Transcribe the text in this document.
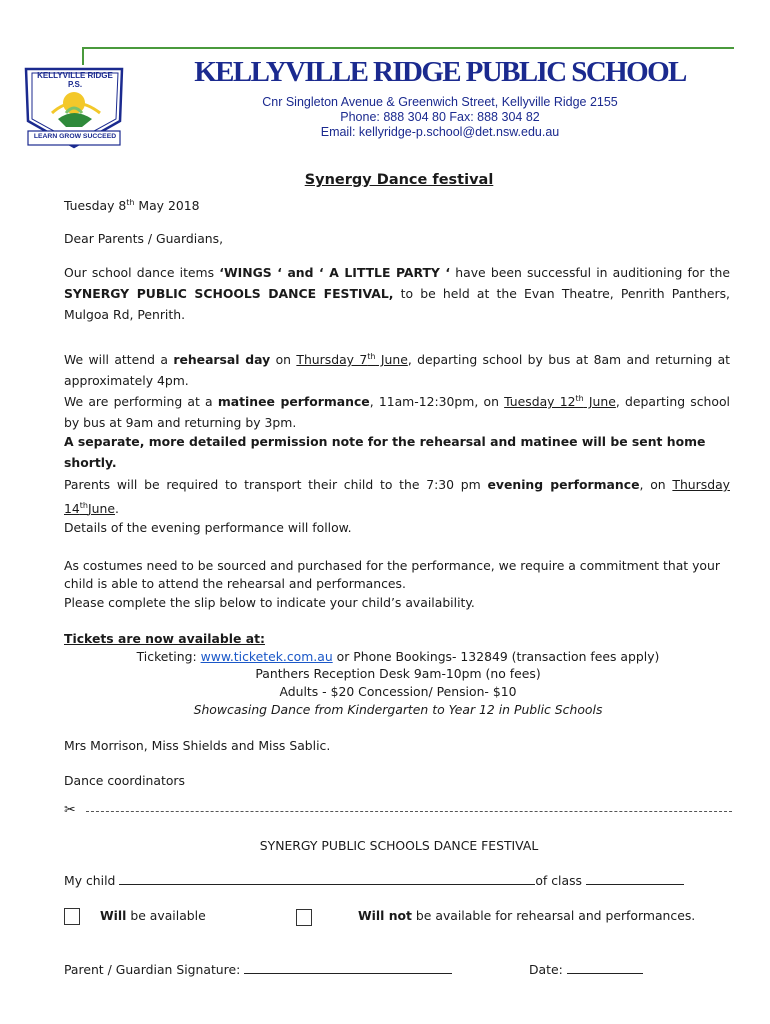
KELLYVILLE RIDGE P.S.
LEARN GROW SUCCEED
KELLYVILLE RIDGE PUBLIC SCHOOL
Cnr Singleton Avenue & Greenwich Street, Kellyville Ridge 2155
Phone: 888 304 80 Fax: 888 304 82
Email: kellyridge-p.school@det.nsw.edu.au
Synergy Dance festival
Tuesday 8th May 2018
Dear Parents / Guardians,
Our school dance items ‘WINGS ‘ and ‘ A LITTLE PARTY ‘ have been successful in auditioning for the SYNERGY PUBLIC SCHOOLS DANCE FESTIVAL, to be held at the Evan Theatre, Penrith Panthers, Mulgoa Rd, Penrith.
We will attend a rehearsal day on Thursday 7th June, departing school by bus at 8am and returning at approximately 4pm.
We are performing at a matinee performance, 11am-12:30pm, on Tuesday 12th June, departing school by bus at 9am and returning by 3pm.
A separate, more detailed permission note for the rehearsal and matinee will be sent home shortly.
Parents will be required to transport their child to the 7:30 pm evening performance, on Thursday 14thJune.
Details of the evening performance will follow.
As costumes need to be sourced and purchased for the performance, we require a commitment that your child is able to attend the rehearsal and performances.
Please complete the slip below to indicate your child’s availability.
Tickets are now available at:
Ticketing: www.ticketek.com.au or Phone Bookings- 132849 (transaction fees apply)
Panthers Reception Desk 9am-10pm (no fees)
Adults - $20 Concession/ Pension- $10
Showcasing Dance from Kindergarten to Year 12 in Public Schools
Mrs Morrison, Miss Shields and Miss Sablic.
Dance coordinators
✂
SYNERGY PUBLIC SCHOOLS DANCE FESTIVAL
My child	of class
Will be available	Will not be available for rehearsal and performances.
Parent / Guardian Signature:	Date:
